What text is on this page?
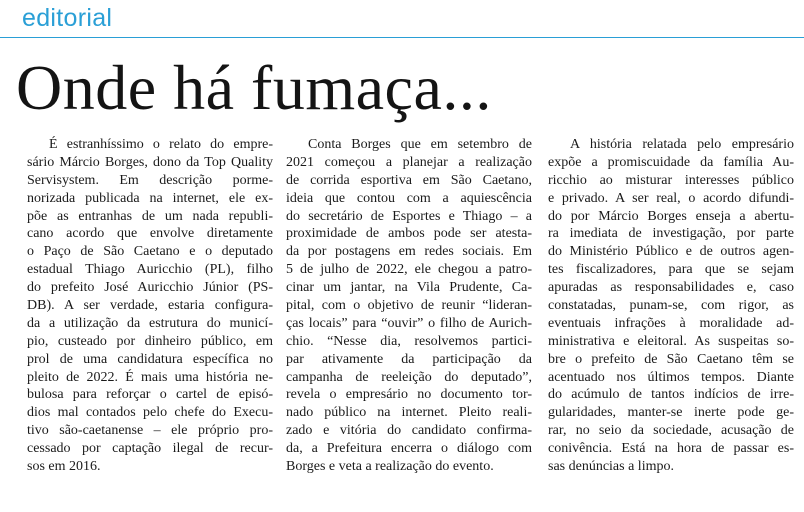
editorial
Onde há fumaça...
É estranhíssimo o relato do empre-
sário Márcio Borges, dono da Top Quality
Servisystem. Em descrição porme-
norizada publicada na internet, ele ex-
põe as entranhas de um nada republi-
cano acordo que envolve diretamente
o Paço de São Caetano e o deputado
estadual Thiago Auricchio (PL), filho
do prefeito José Auricchio Júnior (PS-
DB). A ser verdade, estaria configura-
da a utilização da estrutura do municí-
pio, custeado por dinheiro público, em
prol de uma candidatura específica no
pleito de 2022. É mais uma história ne-
bulosa para reforçar o cartel de episó-
dios mal contados pelo chefe do Execu-
tivo são-caetanense – ele próprio pro-
cessado por captação ilegal de recur-
sos em 2016.
Conta Borges que em setembro de
2021 começou a planejar a realização
de corrida esportiva em São Caetano,
ideia que contou com a aquiescência
do secretário de Esportes e Thiago – a
proximidade de ambos pode ser atesta-
da por postagens em redes sociais. Em
5 de julho de 2022, ele chegou a patro-
cinar um jantar, na Vila Prudente, Ca-
pital, com o objetivo de reunir “lideran-
ças locais” para “ouvir” o filho de Aurich-
chio. “Nesse dia, resolvemos partici-
par ativamente da participação da
campanha de reeleição do deputado”,
revela o empresário no documento tor-
nado público na internet. Pleito reali-
zado e vitória do candidato confirma-
da, a Prefeitura encerra o diálogo com
Borges e veta a realização do evento.
A história relatada pelo empresário
expõe a promiscuidade da família Au-
ricchio ao misturar interesses público
e privado. A ser real, o acordo difundi-
do por Márcio Borges enseja a abertu-
ra imediata de investigação, por parte
do Ministério Público e de outros agen-
tes fiscalizadores, para que se sejam
apuradas as responsabilidades e, caso
constatadas, punam-se, com rigor, as
eventuais infrações à moralidade ad-
ministrativa e eleitoral. As suspeitas so-
bre o prefeito de São Caetano têm se
acentuado nos últimos tempos. Diante
do acúmulo de tantos indícios de irre-
gularidades, manter-se inerte pode ge-
rar, no seio da sociedade, acusação de
conivência. Está na hora de passar es-
sas denúncias a limpo.
